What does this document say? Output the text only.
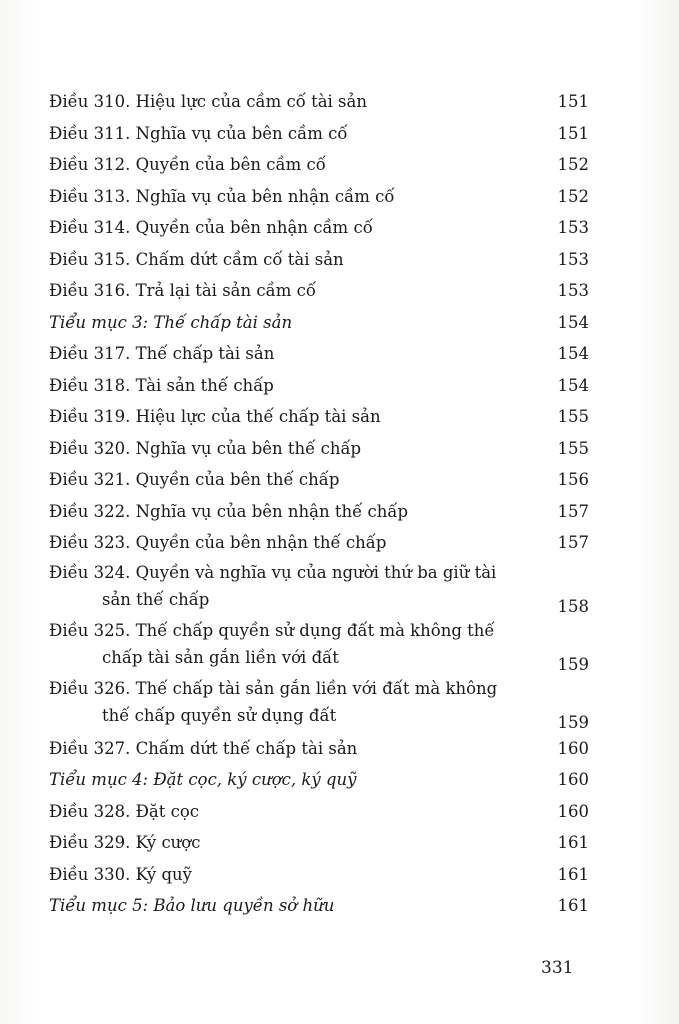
Điều 310. Hiệu lực của cầm cố tài sản	151
Điều 311. Nghĩa vụ của bên cầm cố	151
Điều 312. Quyền của bên cầm cố	152
Điều 313. Nghĩa vụ của bên nhận cầm cố	152
Điều 314. Quyền của bên nhận cầm cố	153
Điều 315. Chấm dứt cầm cố tài sản	153
Điều 316. Trả lại tài sản cầm cố	153
Tiểu mục 3: Thế chấp tài sản	154
Điều 317. Thế chấp tài sản	154
Điều 318. Tài sản thế chấp	154
Điều 319. Hiệu lực của thế chấp tài sản	155
Điều 320. Nghĩa vụ của bên thế chấp	155
Điều 321. Quyền của bên thế chấp	156
Điều 322. Nghĩa vụ của bên nhận thế chấp	157
Điều 323. Quyền của bên nhận thế chấp	157
Điều 324. Quyền và nghĩa vụ của người thứ ba giữ tài
sản thế chấp	158
Điều 325. Thế chấp quyền sử dụng đất mà không thế
chấp tài sản gắn liền với đất	159
Điều 326. Thế chấp tài sản gắn liền với đất mà không
thế chấp quyền sử dụng đất	159
Điều 327. Chấm dứt thế chấp tài sản	160
Tiểu mục 4: Đặt cọc, ký cược, ký quỹ	160
Điều 328. Đặt cọc	160
Điều 329. Ký cược	161
Điều 330. Ký quỹ	161
Tiểu mục 5: Bảo lưu quyền sở hữu	161
331
